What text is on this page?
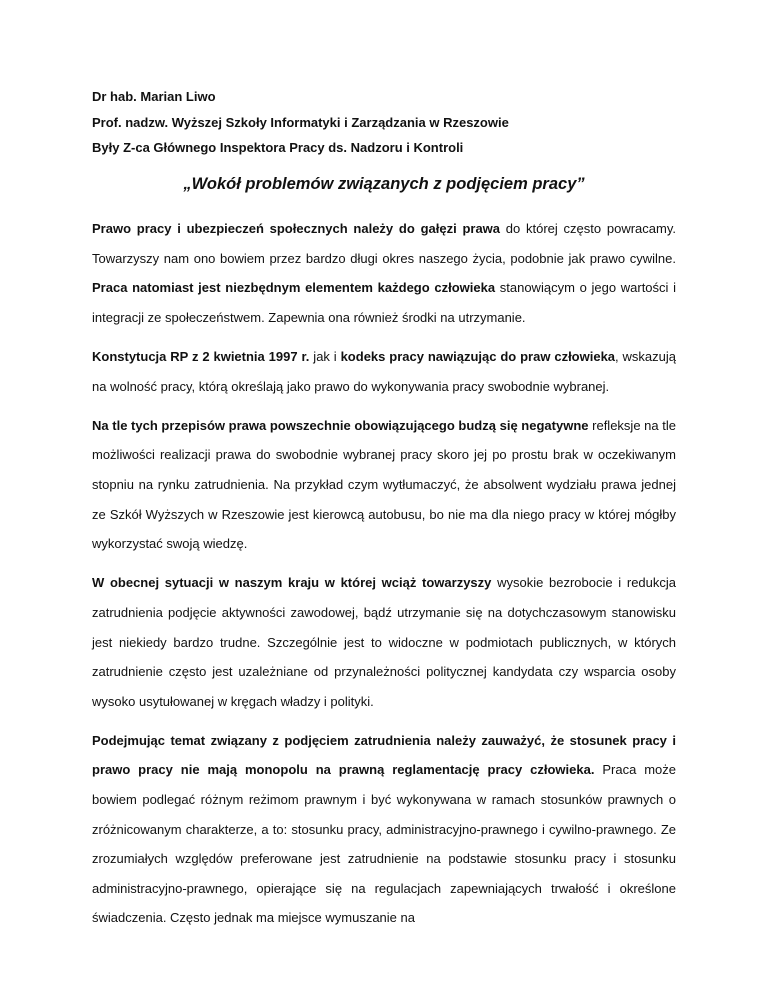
Dr hab. Marian Liwo
Prof. nadzw. Wyższej Szkoły Informatyki i Zarządzania w Rzeszowie
Były Z-ca Głównego Inspektora Pracy ds. Nadzoru i Kontroli
„Wokół problemów związanych z podjęciem pracy”

Prawo pracy i ubezpieczeń społecznych należy do gałęzi prawa do której często powracamy. Towarzyszy nam ono bowiem przez bardzo długi okres naszego życia, podobnie jak prawo cywilne. Praca natomiast jest niezbędnym elementem każdego człowieka stanowiącym o jego wartości i integracji ze społeczeństwem. Zapewnia ona również środki na utrzymanie.

Konstytucja RP z 2 kwietnia 1997 r. jak i kodeks pracy nawiązując do praw człowieka, wskazują na wolność pracy, którą określają jako prawo do wykonywania pracy swobodnie wybranej.

Na tle tych przepisów prawa powszechnie obowiązującego budzą się negatywne refleksje na tle możliwości realizacji prawa do swobodnie wybranej pracy skoro jej po prostu brak w oczekiwanym stopniu na rynku zatrudnienia. Na przykład czym wytłumaczyć, że absolwent wydziału prawa jednej ze Szkół Wyższych w Rzeszowie jest kierowcą autobusu, bo nie ma dla niego pracy w której mógłby wykorzystać swoją wiedzę.

W obecnej sytuacji w naszym kraju w której wciąż towarzyszy wysokie bezrobocie i redukcja zatrudnienia podjęcie aktywności zawodowej, bądź utrzymanie się na dotychczasowym stanowisku jest niekiedy bardzo trudne. Szczególnie jest to widoczne w podmiotach publicznych, w których zatrudnienie często jest uzależniane od przynależności politycznej kandydata czy wsparcia osoby wysoko usytułowanej w kręgach władzy i polityki.

Podejmując temat związany z podjęciem zatrudnienia należy zauważyć, że stosunek pracy i prawo pracy nie mają monopolu na prawną reglamentację pracy człowieka. Praca może bowiem podlegać różnym reżimom prawnym i być wykonywana w ramach stosunków prawnych o zróżnicowanym charakterze, a to: stosunku pracy, administracyjno-prawnego i cywilno-prawnego. Ze zrozumiałych względów preferowane jest zatrudnienie na podstawie stosunku pracy i stosunku administracyjno-prawnego, opierające się na regulacjach zapewniających trwałość i określone świadczenia. Często jednak ma miejsce wymuszanie na
